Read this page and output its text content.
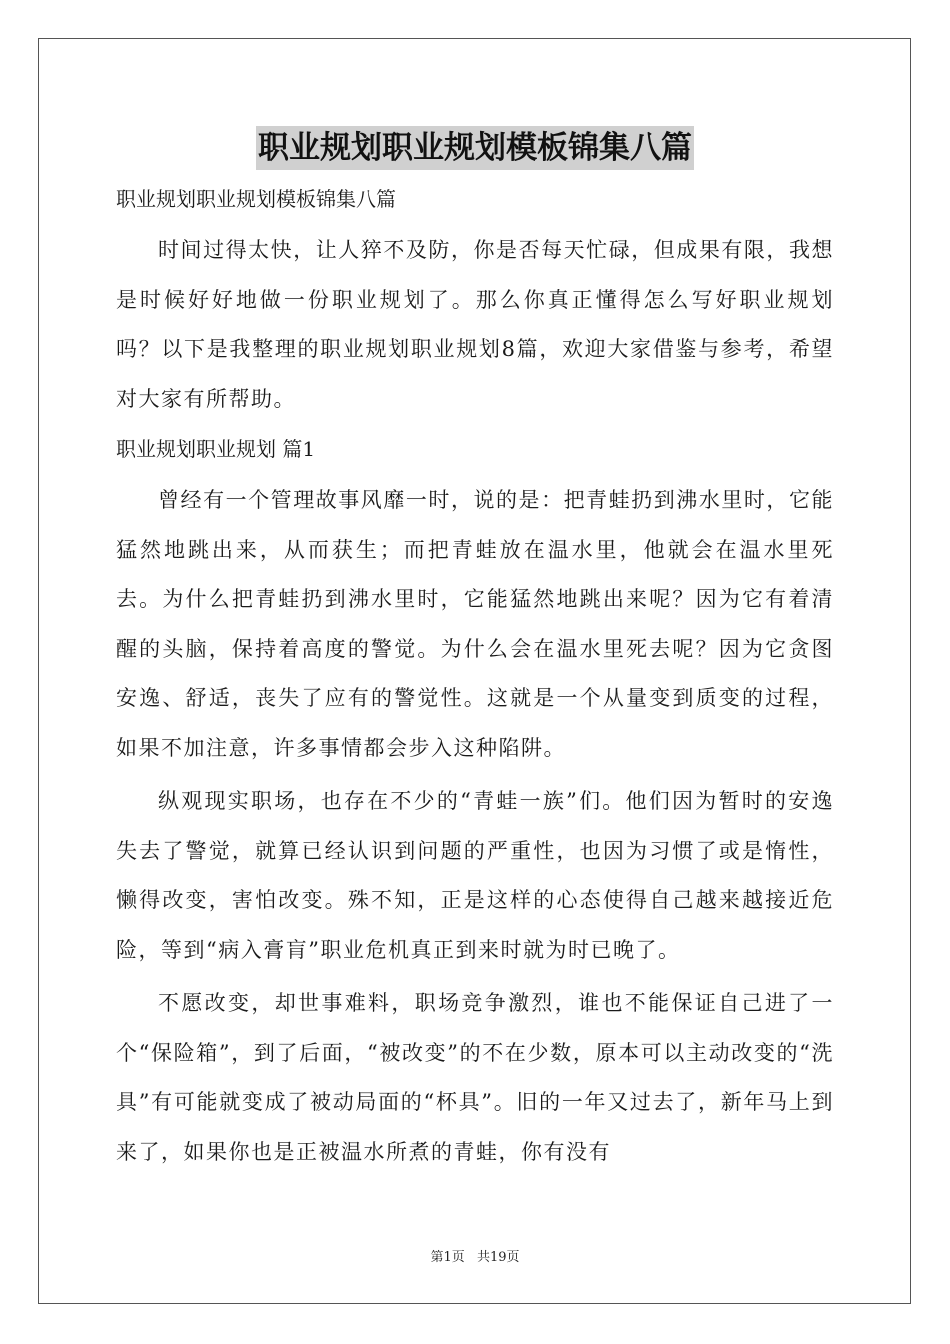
职业规划职业规划模板锦集八篇
职业规划职业规划模板锦集八篇

时间过得太快，让人猝不及防，你是否每天忙碌，但成果有限，我想是时候好好地做一份职业规划了。那么你真正懂得怎么写好职业规划吗？以下是我整理的职业规划职业规划8篇，欢迎大家借鉴与参考，希望对大家有所帮助。

职业规划职业规划 篇1

曾经有一个管理故事风靡一时，说的是：把青蛙扔到沸水里时，它能猛然地跳出来，从而获生；而把青蛙放在温水里，他就会在温水里死去。为什么把青蛙扔到沸水里时，它能猛然地跳出来呢？因为它有着清醒的头脑，保持着高度的警觉。为什么会在温水里死去呢？因为它贪图安逸、舒适，丧失了应有的警觉性。这就是一个从量变到质变的过程，如果不加注意，许多事情都会步入这种陷阱。

纵观现实职场，也存在不少的“青蛙一族”们。他们因为暂时的安逸失去了警觉，就算已经认识到问题的严重性，也因为习惯了或是惰性，懒得改变，害怕改变。殊不知，正是这样的心态使得自己越来越接近危险，等到“病入膏肓”职业危机真正到来时就为时已晚了。

不愿改变，却世事难料，职场竞争激烈，谁也不能保证自己进了一个“保险箱”，到了后面，“被改变”的不在少数，原本可以主动改变的“洗具”有可能就变成了被动局面的“杯具”。旧的一年又过去了，新年马上到来了，如果你也是正被温水所煮的青蛙，你有没有

第1页 共19页
